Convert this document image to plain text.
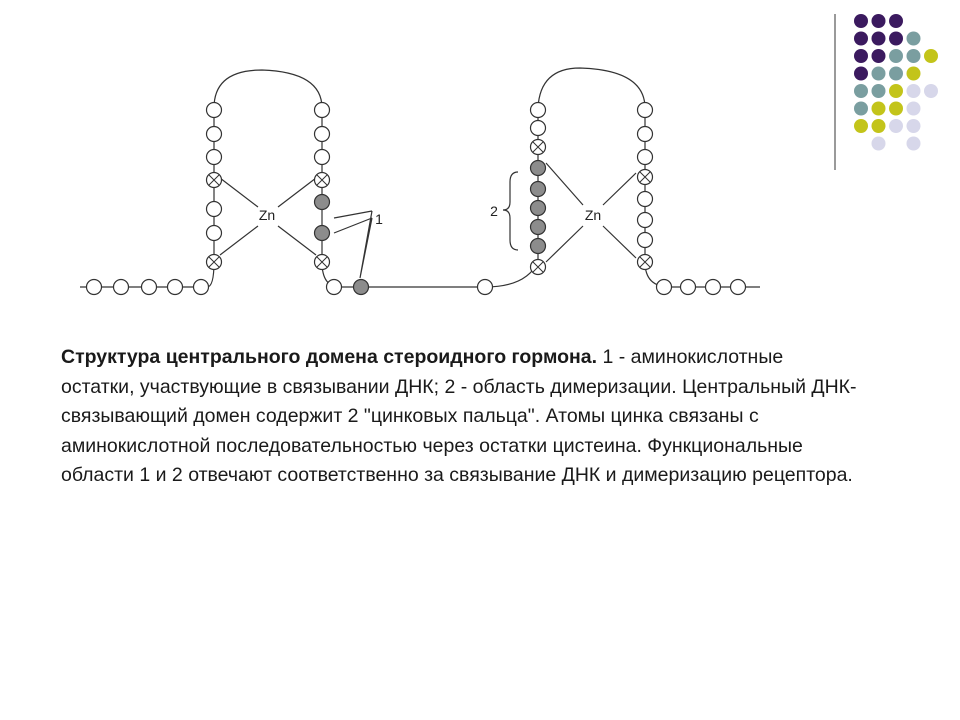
Zn	Zn
1	2

Структура центрального домена стероидного гормона. 1 - аминокислотные остатки, участвующие в связывании ДНК; 2 - область димеризации. Центральный ДНК-связывающий домен содержит 2 "цинковых пальца". Атомы цинка связаны с аминокислотной последовательностью через остатки цистеина. Функциональные области 1 и 2 отвечают соответственно за связывание ДНК и димеризацию рецептора.
